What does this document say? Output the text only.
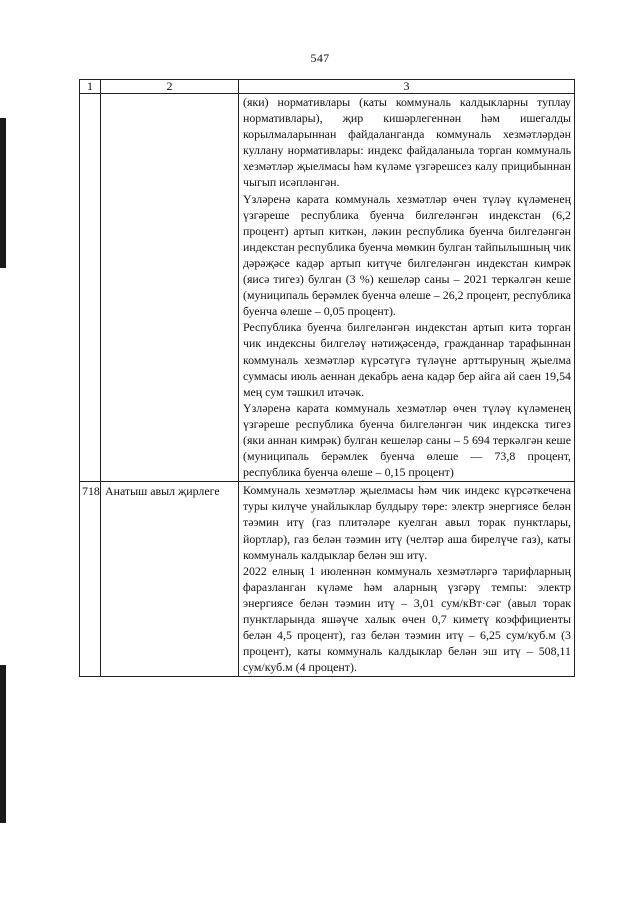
547
1	2	3

		(яки) нормативлары (каты коммуналь калдыкларны туплау нормативлары), җир кишәрлегеннән һәм ишегалды корылмаларыннан файдаланганда коммуналь хезмәтләрдән куллану нормативлары: индекс файдаланыла торган коммуналь хезмәтләр җыелмасы һәм күләме үзгәрешсез калу прицибыннан чыгып исәпләнгән.

Үзләренә карата коммуналь хезмәтләр өчен түләү күләменең үзгәреше республика буенча билгеләнгән индекстан (6,2 процент) артып киткән, ләкин республика буенча билгеләнгән индекстан республика буенча мөмкин булган тайпылышның чик дәрәҗәсе кадәр артып китүче билгеләнгән индекстан кимрәк (яисә тигез) булган (3 %) кешеләр саны – 2021 теркәлгән кеше (муниципаль берәмлек буенча өлеше – 26,2 процент, республика буенча өлеше – 0,05 процент).

Республика буенча билгеләнгән индекстан артып китә торган чик индексны билгеләү нәтиҗәсендә, гражданнар тарафыннан коммуналь хезмәтләр күрсәтүгә түләүне арттыруның җыелма суммасы июль аеннан декабрь аена кадәр бер айга ай саен 19,54 мең сум тәшкил итәчәк.

Үзләренә карата коммуналь хезмәтләр өчен түләү күләменең үзгәреше республика буенча билгеләнгән чик индекска тигез (яки аннан кимрәк) булган кешеләр саны – 5 694 теркәлгән кеше (муниципаль берәмлек буенча өлеше — 73,8 процент, республика буенча өлеше – 0,15 процент)

718	Анатыш авыл җирлеге	Коммуналь хезмәтләр җыелмасы һәм чик индекс күрсәткечена туры килүче унайлыклар булдыру төре: электр энергиясе белән тәэмин итү (газ плитәләре куелган авыл торак пунктлары, йортлар), газ белән тәэмин итү (челтәр аша бирелүче газ), каты коммуналь калдыклар белән эш итү.

2022 елның 1 июленнән коммуналь хезмәтләргә тарифларның фаразланган күләме һәм аларның үзгәрү темпы: электр энергиясе белән тәэмин итү – 3,01 сум/кВт·сәг (авыл торак пунктларында яшәүче халык өчен 0,7 киметү коэффициенты белән 4,5 процент), газ белән тәэмин итү – 6,25 сум/куб.м (3 процент), каты коммуналь калдыклар белән эш итү – 508,11 сум/куб.м (4 процент).
